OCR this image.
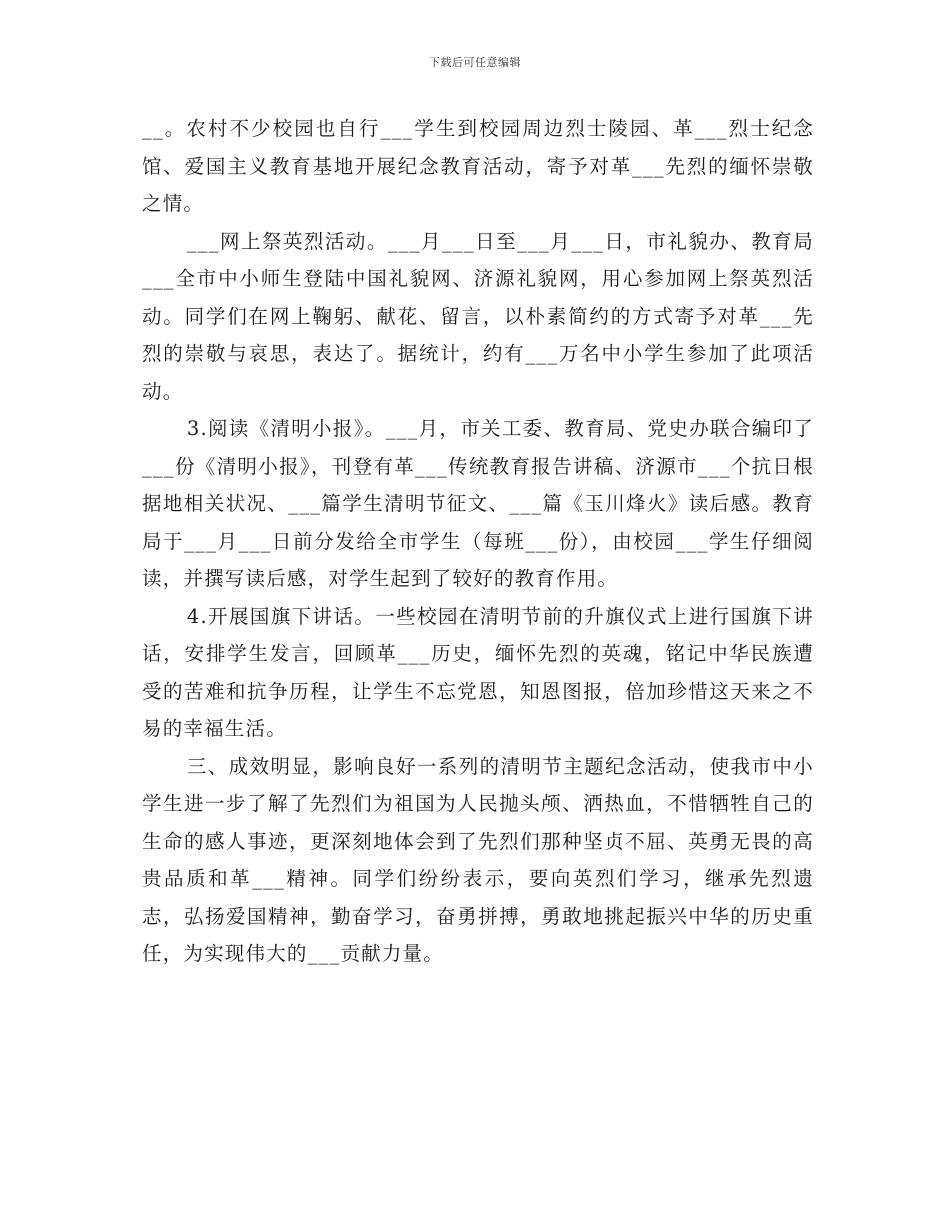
下载后可任意编辑

__。农村不少校园也自行___学生到校园周边烈士陵园、革___烈士纪念馆、爱国主义教育基地开展纪念教育活动，寄予对革___先烈的缅怀崇敬之情。

___网上祭英烈活动。___月___日至___月___日，市礼貌办、教育局___全市中小师生登陆中国礼貌网、济源礼貌网，用心参加网上祭英烈活动。同学们在网上鞠躬、献花、留言，以朴素简约的方式寄予对革___先烈的崇敬与哀思，表达了。据统计，约有___万名中小学生参加了此项活动。

3.阅读《清明小报》。___月，市关工委、教育局、党史办联合编印了___份《清明小报》，刊登有革___传统教育报告讲稿、济源市___个抗日根据地相关状况、___篇学生清明节征文、___篇《玉川烽火》读后感。教育局于___月___日前分发给全市学生（每班___份），由校园___学生仔细阅读，并撰写读后感，对学生起到了较好的教育作用。

4.开展国旗下讲话。一些校园在清明节前的升旗仪式上进行国旗下讲话，安排学生发言，回顾革___历史，缅怀先烈的英魂，铭记中华民族遭受的苦难和抗争历程，让学生不忘党恩，知恩图报，倍加珍惜这天来之不易的幸福生活。

三、成效明显，影响良好一系列的清明节主题纪念活动，使我市中小学生进一步了解了先烈们为祖国为人民抛头颅、洒热血，不惜牺牲自己的生命的感人事迹，更深刻地体会到了先烈们那种坚贞不屈、英勇无畏的高贵品质和革___精神。同学们纷纷表示，要向英烈们学习，继承先烈遗志，弘扬爱国精神，勤奋学习，奋勇拼搏，勇敢地挑起振兴中华的历史重任，为实现伟大的___贡献力量。
